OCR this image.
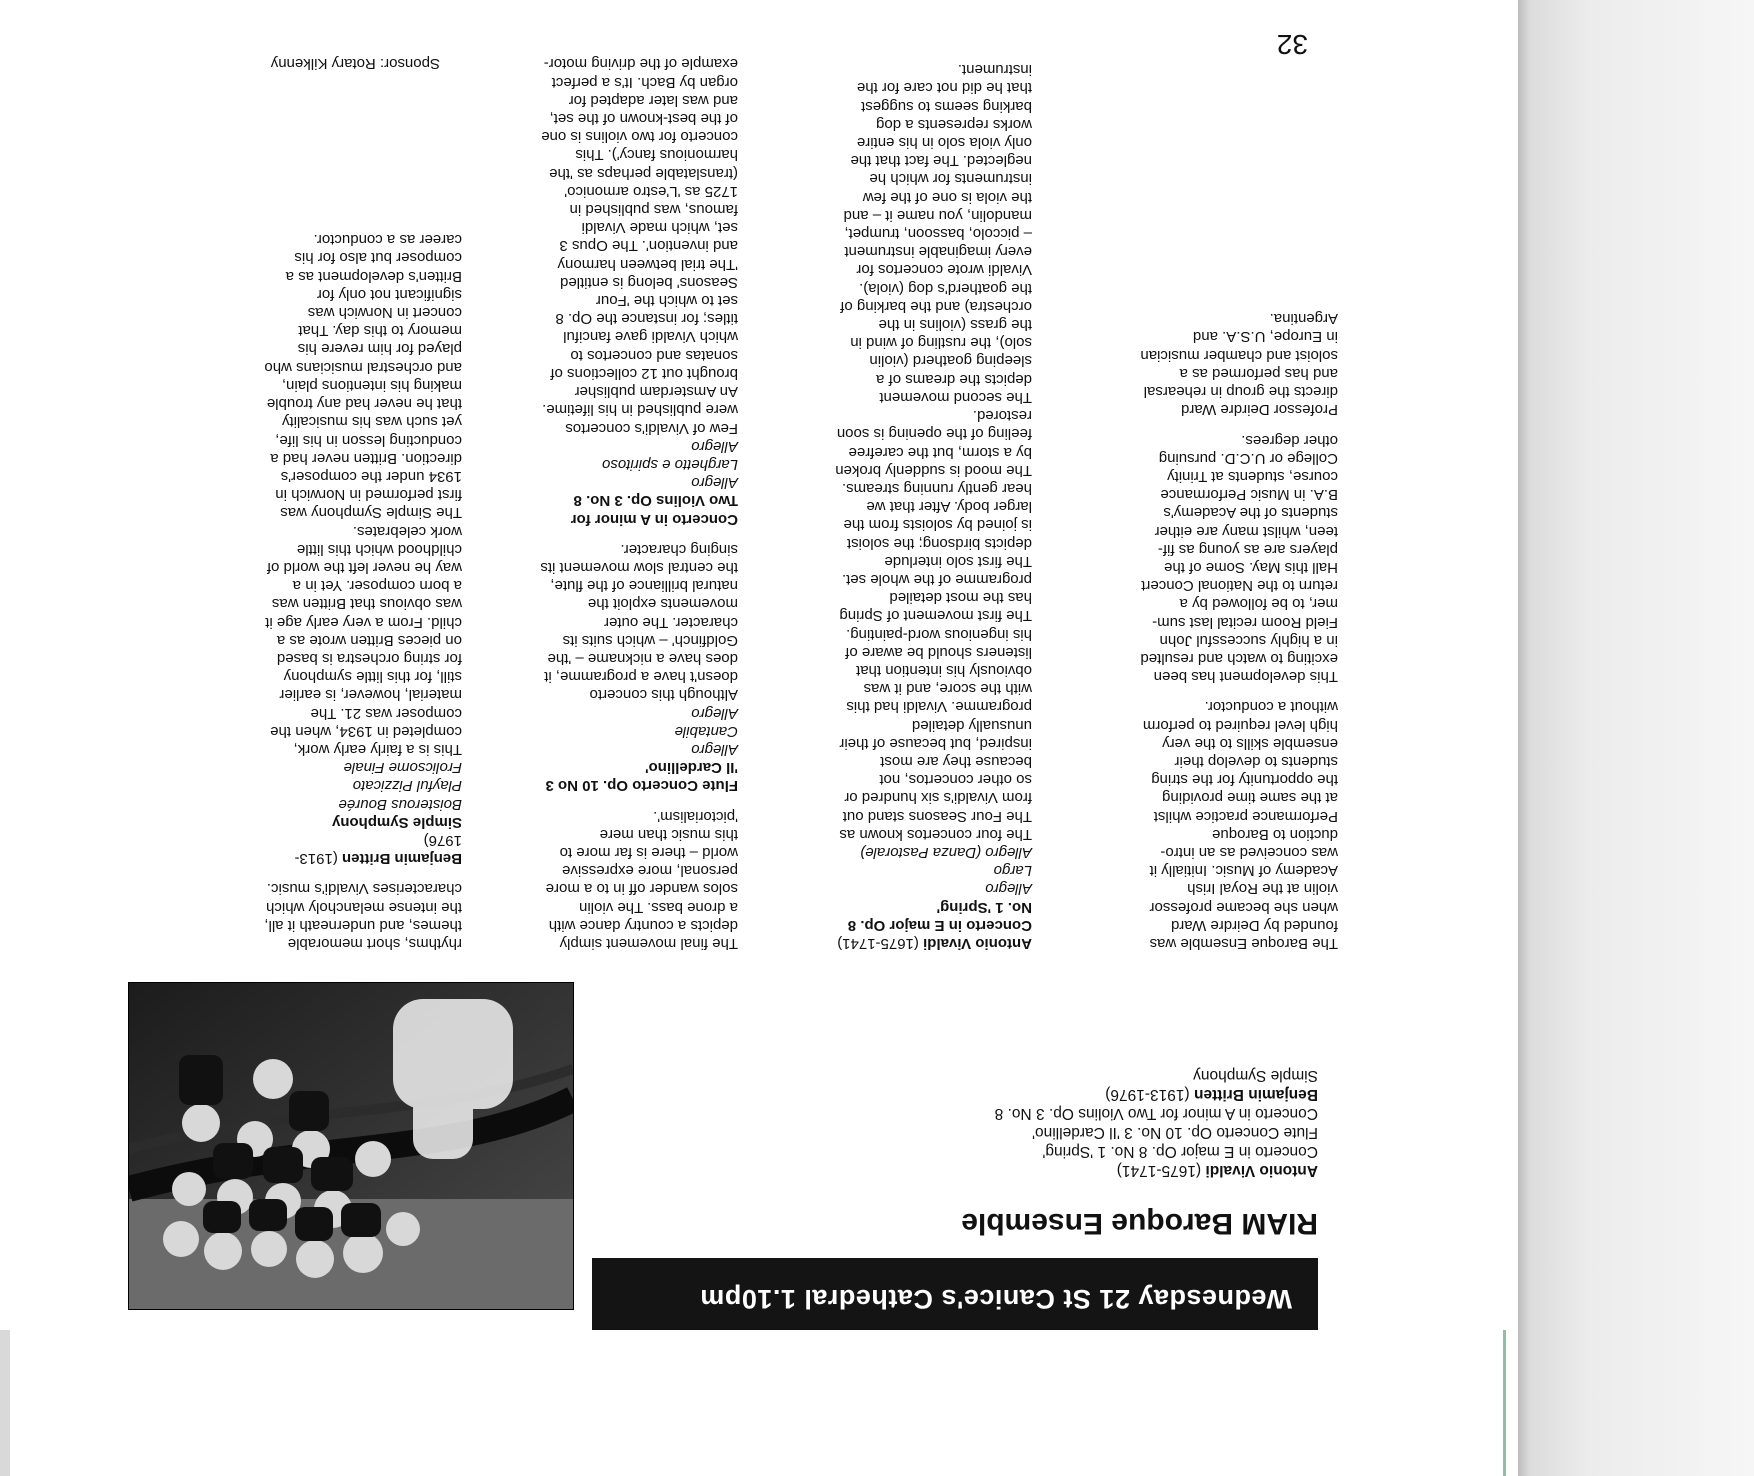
Wednesday 21 St Canice's Cathedral 1.10pm
RIAM Baroque Ensemble
Antonio Vivaldi (1675-1741)
Concerto in E major Op. 8 No. 1 'Spring'
Flute Concerto Op. 10 No. 3 'Il Cardellino'
Concerto in A minor for Two Violins Op. 3 No. 8
Benjamin Britten (1913-1976)
Simple Symphony
The Baroque Ensemble was
founded by Deirdre Ward
when she became professor
violin at the Royal Irish
Academy of Music. Initially it
was conceived as an intro-
duction to Baroque
Performance practice whilst
at the same time providing
the opportunity for the string
students to develop their
ensemble skills to the very
high level required to perform
without a conductor.
This development has been
exciting to watch and resulted
in a highly successful John
Field Room recital last sum-
mer, to be followed by a
return to the National Concert
Hall this May. Some of the
players are as young as fif-
teen, whilst many are either
students of the Academy's
B.A. in Music Performance
course, students at Trinity
College or U.C.D. pursuing
other degrees.
Professor Deirdre Ward
directs the group in rehearsal
and has performed as a
soloist and chamber musician
in Europe, U.S.A. and
Argentina.
Antonio Vivaldi (1675-1741)
Concerto in E major Op. 8
No. 1 'Spring'
Allegro
Largo
Allegro (Danza Pastorale)
The four concertos known as
The Four Seasons stand out
from Vivaldi's six hundred or
so other concertos, not
because they are most
inspired, but because of their
unusually detailed
programme. Vivaldi had this
with the score, and it was
obviously his intention that
listeners should be aware of
his ingenious word-painting.
The first movement of Spring
has the most detailed
programme of the whole set.
The first solo interlude
depicts birdsong; the soloist
is joined by soloists from the
larger body. After that we
hear gently running streams.
The mood is suddenly broken
by a storm, but the carefree
feeling of the opening is soon
restored.
The second movement
depicts the dreams of a
sleeping goatherd (violin
solo), the rustling of wind in
the grass (violins in the
orchestra) and the barking of
the goatherd's dog (viola).
Vivaldi wrote concertos for
every imaginable instrument
– piccolo, bassoon, trumpet,
mandolin, you name it – and
the viola is one of the few
instruments for which he
neglected. The fact that the
only viola solo in his entire
works represents a dog
barking seems to suggest
that he did not care for the
instrument.
The final movement simply
depicts a country dance with
a drone bass. The violin
solos wander off in to a more
personal, more expressive
world – there is far more to
this music than mere
'pictorialism'.
Flute Concerto Op. 10 No 3
'Il Cardellino'
Allegro
Cantabile
Allegro
Although this concerto
doesn't have a programme, it
does have a nickname – 'the
Goldfinch' – which suits its
character. The outer
movements exploit the
natural brilliance of the flute,
the central slow movement its
singing character.
Concerto in A minor for
Two Violins Op. 3 No. 8
Allegro
Larghetto e spiritoso
Allegro
Few of Vivaldi's concertos
were published in his lifetime.
An Amsterdam publisher
brought out 12 collections of
sonatas and concertos to
which Vivaldi gave fanciful
titles; for instance the Op. 8
set to which the 'Four
Seasons' belong is entitled
'The trial between harmony
and invention'. The Opus 3
set, which made Vivaldi
famous, was published in
1725 as 'L'estro armonico'
(translatable perhaps as 'the
harmonious fancy'). This
concerto for two violins is one
of the best-known of the set,
and was later adapted for
organ by Bach. It's a perfect
example of the driving motor-
rhythms, short memorable
themes, and underneath it all,
the intense melancholy which
characterises Vivaldi's music.
Benjamin Britten (1913-
1976)
Simple Symphony
Boisterous Bourée
Playful Pizzicato
Frolicsome Finale
This is a fairly early work,
completed in 1934, when the
composer was 21. The
material, however, is earlier
still, for this little symphony
for string orchestra is based
on pieces Britten wrote as a
child. From a very early age it
was obvious that Britten was
a born composer. Yet in a
way he never left the world of
childhood which this little
work celebrates.
The Simple Symphony was
first performed in Norwich in
1934 under the composer's
direction. Britten never had a
conducting lesson in his life,
yet such was his musicality
that he never had any trouble
making his intentions plain,
and orchestral musicians who
played for him revere his
memory to this day. That
concert in Norwich was
significant not only for
Britten's development as a
composer but also for his
career as a conductor.
32
Sponsor: Rotary Kilkenny
